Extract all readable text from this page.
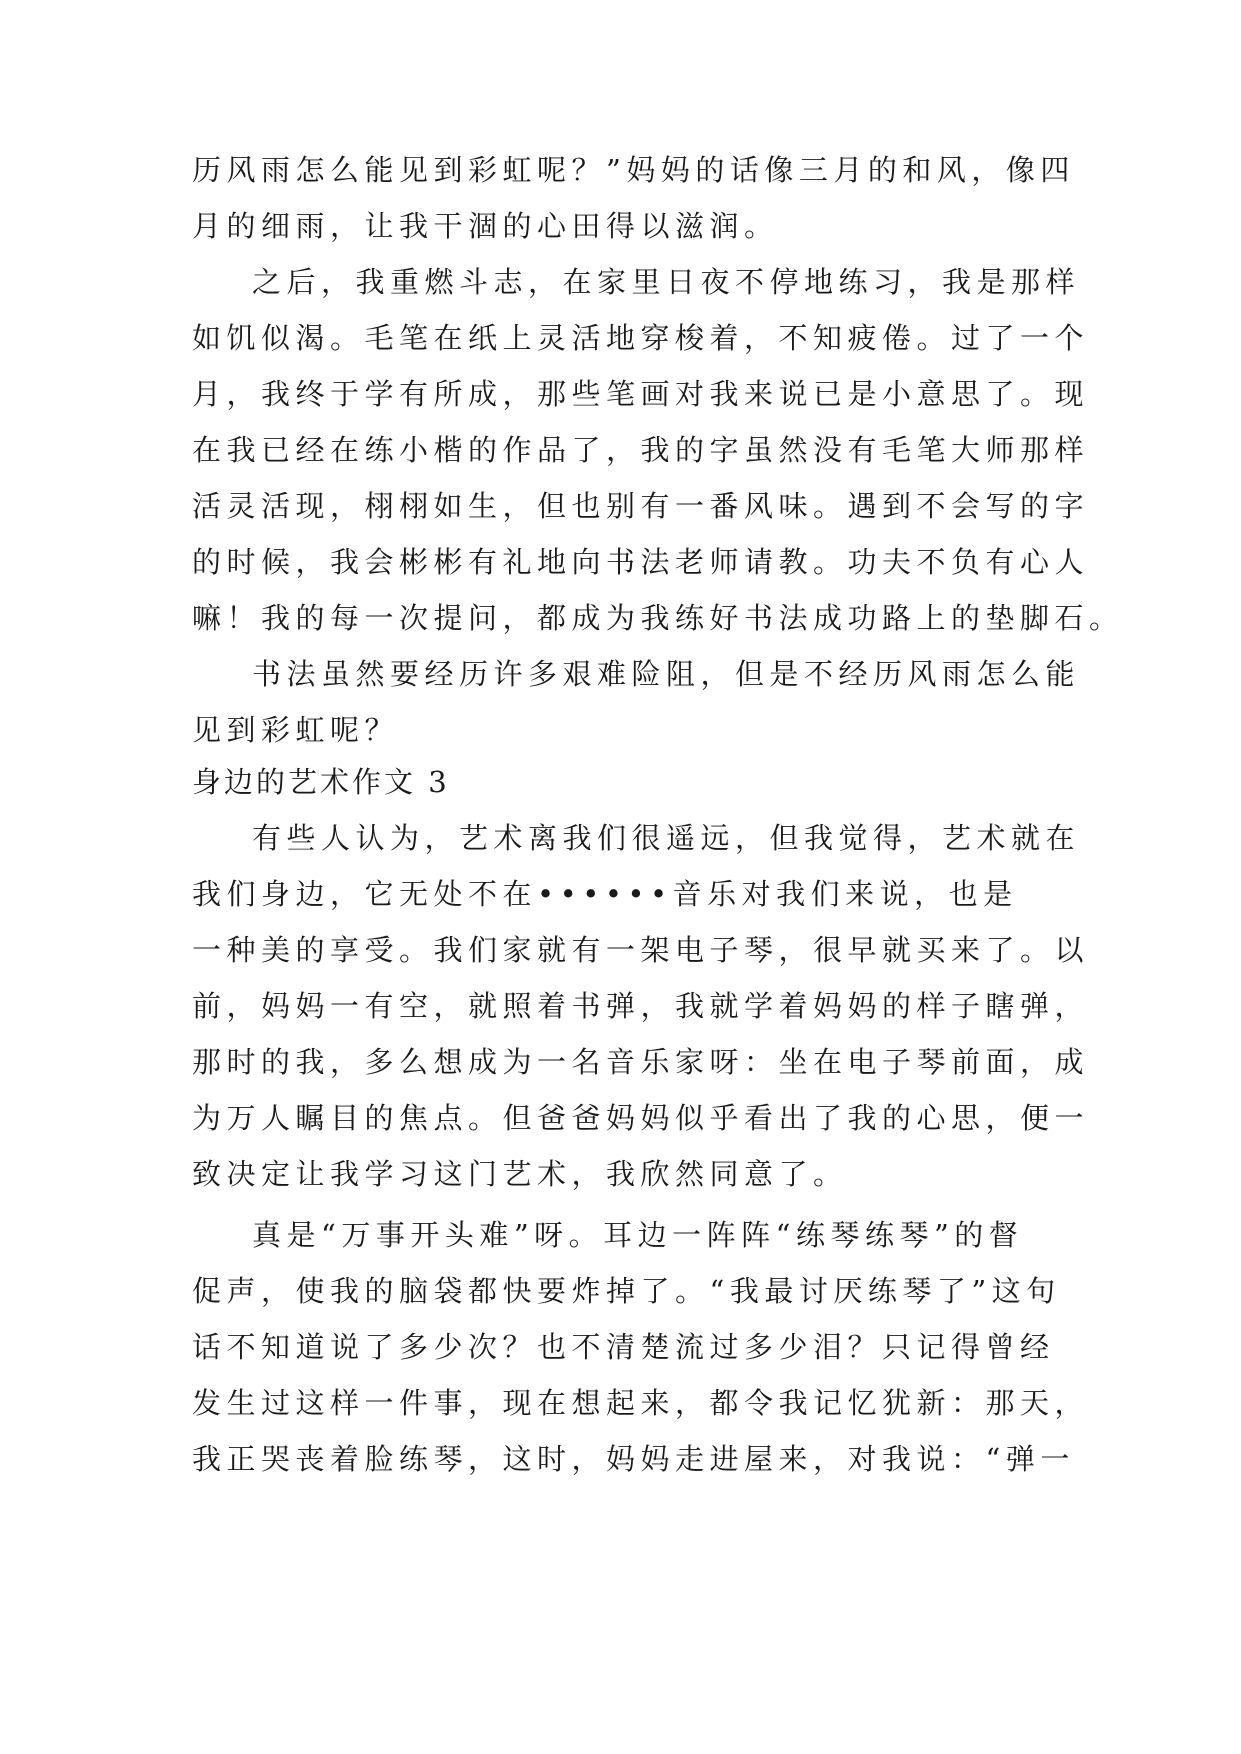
历风雨怎么能见到彩虹呢？”妈妈的话像三月的和风，像四
月的细雨，让我干涸的心田得以滋润。
之后，我重燃斗志，在家里日夜不停地练习，我是那样
如饥似渴。毛笔在纸上灵活地穿梭着，不知疲倦。过了一个
月，我终于学有所成，那些笔画对我来说已是小意思了。现
在我已经在练小楷的作品了，我的字虽然没有毛笔大师那样
活灵活现，栩栩如生，但也别有一番风味。遇到不会写的字
的时候，我会彬彬有礼地向书法老师请教。功夫不负有心人
嘛！我的每一次提问，都成为我练好书法成功路上的垫脚石。
书法虽然要经历许多艰难险阻，但是不经历风雨怎么能
见到彩虹呢？
身边的艺术作文 3
有些人认为，艺术离我们很遥远，但我觉得，艺术就在
我们身边，它无处不在••••••音乐对我们来说，也是
一种美的享受。我们家就有一架电子琴，很早就买来了。以
前，妈妈一有空，就照着书弹，我就学着妈妈的样子瞎弹，
那时的我，多么想成为一名音乐家呀：坐在电子琴前面，成
为万人瞩目的焦点。但爸爸妈妈似乎看出了我的心思，便一
致决定让我学习这门艺术，我欣然同意了。
真是“万事开头难”呀。耳边一阵阵“练琴练琴”的督
促声，使我的脑袋都快要炸掉了。“我最讨厌练琴了”这句
话不知道说了多少次？也不清楚流过多少泪？只记得曾经
发生过这样一件事，现在想起来，都令我记忆犹新：那天，
我正哭丧着脸练琴，这时，妈妈走进屋来，对我说：“弹一
